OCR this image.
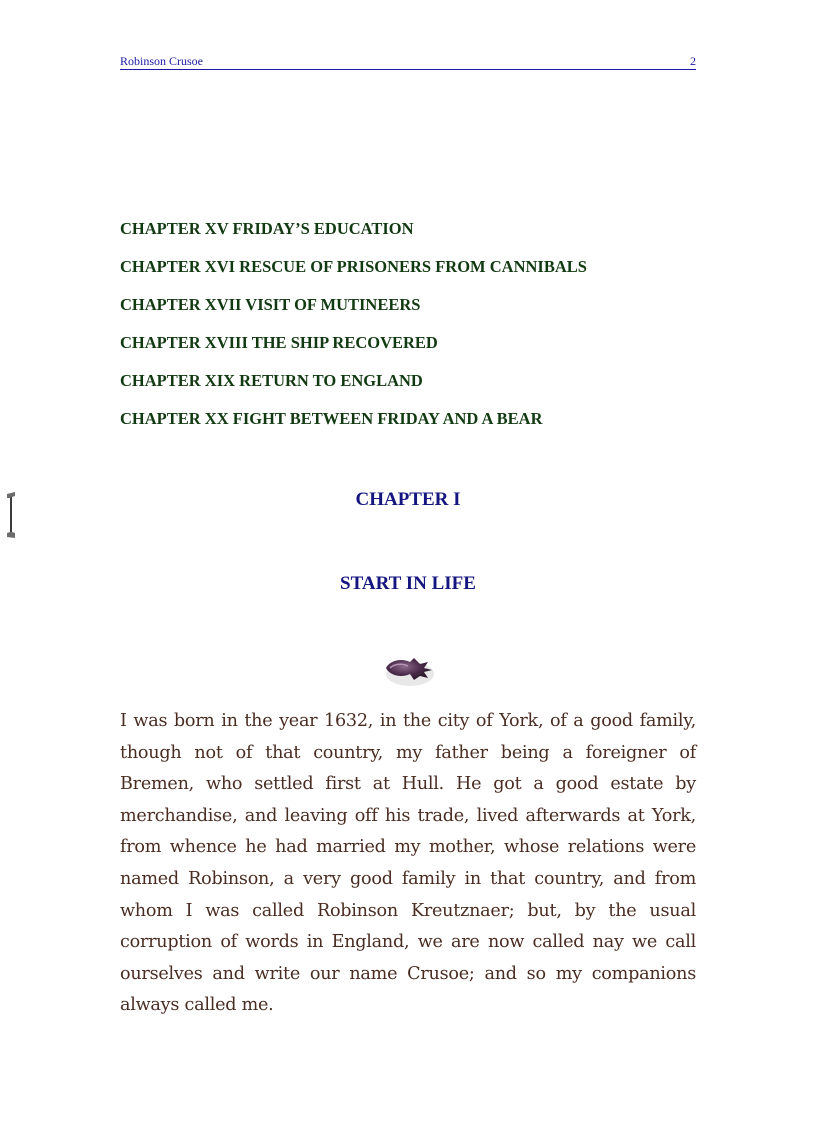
Robinson Crusoe	2
CHAPTER XV FRIDAY’S EDUCATION
CHAPTER XVI RESCUE OF PRISONERS FROM CANNIBALS
CHAPTER XVII VISIT OF MUTINEERS
CHAPTER XVIII THE SHIP RECOVERED
CHAPTER XIX RETURN TO ENGLAND
CHAPTER XX FIGHT BETWEEN FRIDAY AND A BEAR
CHAPTER I
START IN LIFE

I was born in the year 1632, in the city of York, of a good family, though not of that country, my father being a foreigner of Bremen, who settled first at Hull. He got a good estate by merchandise, and leaving off his trade, lived afterwards at York, from whence he had married my mother, whose relations were named Robinson, a very good family in that country, and from whom I was called Robinson Kreutznaer; but, by the usual corruption of words in England, we are now called nay we call ourselves and write our name Crusoe; and so my companions always called me.
